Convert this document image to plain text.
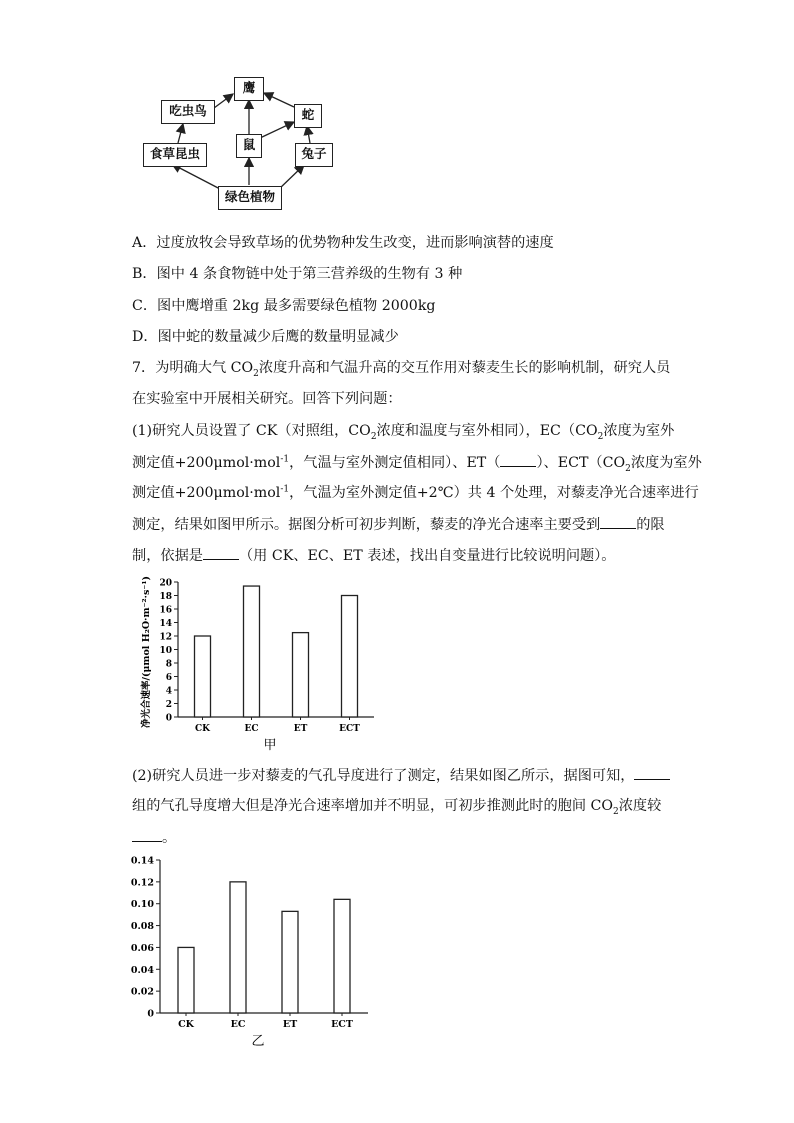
鹰
吃虫鸟	蛇
食草昆虫
鼠
兔子
绿色植物
A．过度放牧会导致草场的优势物种发生改变，进而影响演替的速度
B．图中 4 条食物链中处于第三营养级的生物有 3 种
C．图中鹰增重 2kg 最多需要绿色植物 2000kg
D．图中蛇的数量减少后鹰的数量明显减少
7．为明确大气 $CO_2$浓度升高和气温升高的交互作用对藜麦生长的影响机制，研究人员
在实验室中开展相关研究。回答下列问题：
(1)研究人员设置了 CK（对照组，$CO_2$浓度和温度与室外相同），$EC(CO_2$浓度为室外
测定值+200μmol·mol$^{-1}$，气温与室外测定值相同）、ET（	）、$ECT(CO_2$浓度为室外
测定值+200μmol·mol$^{-1}$，气温为室外测定值+2℃）共 4 个处理，对藜麦净光合速率进行
测定，结果如图甲所示。据图分析可初步判断，藜麦的净光合速率主要受到	的限
制，依据是	（用 CK、EC、ET 表述，找出自变量进行比较说明问题）。
净光合速率/(μmol H₂O·m⁻²·s⁻¹) 0
2
4
6
8
10
12
14
16
18
20
CK	EC	ET	ECT
甲
(2)研究人员进一步对藜麦的气孔导度进行了测定，结果如图乙所示，据图可知，
组的气孔导度增大但是净光合速率增加并不明显，可初步推测此时的胞间 $CO_2$浓度较
。
0
0.02
0.04
0.06
0.08
0.10
0.12
0.14
CK	EC	ET	ECT
乙
